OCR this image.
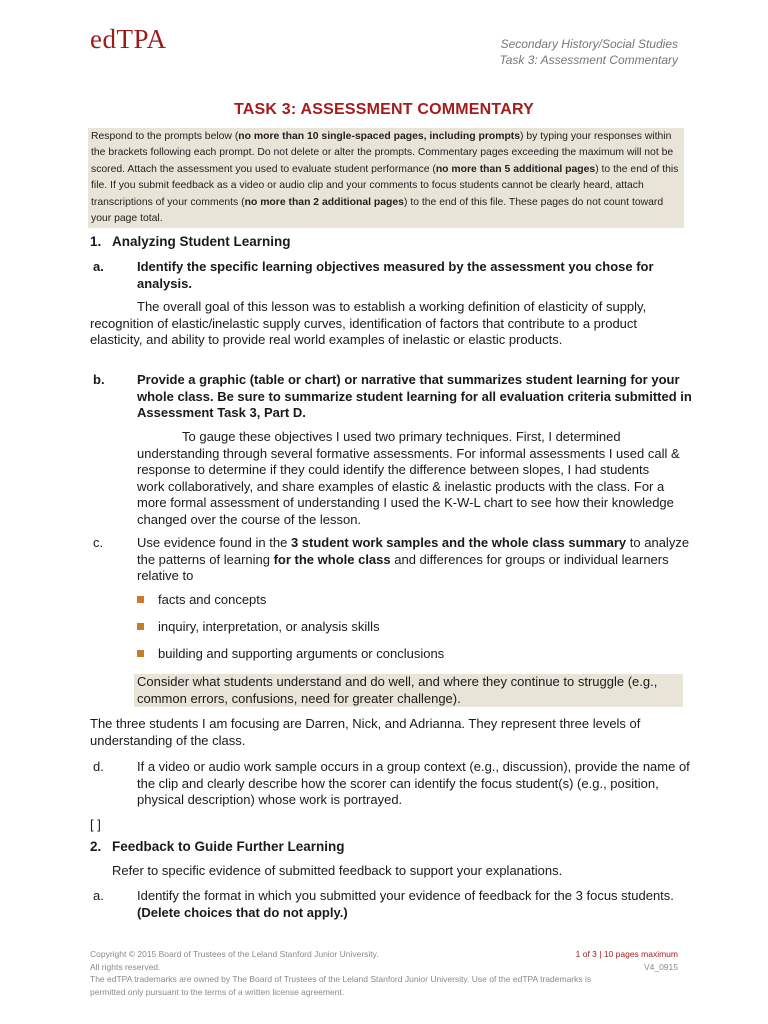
edTPA	Secondary History/Social Studies
Task 3: Assessment Commentary
TASK 3: ASSESSMENT COMMENTARY
Respond to the prompts below (no more than 10 single-spaced pages, including prompts) by typing your responses within the brackets following each prompt. Do not delete or alter the prompts. Commentary pages exceeding the maximum will not be scored. Attach the assessment you used to evaluate student performance (no more than 5 additional pages) to the end of this file. If you submit feedback as a video or audio clip and your comments to focus students cannot be clearly heard, attach transcriptions of your comments (no more than 2 additional pages) to the end of this file. These pages do not count toward your page total.
1. Analyzing Student Learning
a.	Identify the specific learning objectives measured by the assessment you chose for analysis.
The overall goal of this lesson was to establish a working definition of elasticity of supply, recognition of elastic/inelastic supply curves, identification of factors that contribute to a product elasticity, and ability to provide real world examples of inelastic or elastic products.
b. Provide a graphic (table or chart) or narrative that summarizes student learning for your whole class. Be sure to summarize student learning for all evaluation criteria submitted in Assessment Task 3, Part D.
To gauge these objectives I used two primary techniques. First, I determined understanding through several formative assessments. For informal assessments I used call & response to determine if they could identify the difference between slopes, I had students work collaboratively, and share examples of elastic & inelastic products with the class. For a more formal assessment of understanding I used the K-W-L chart to see how their knowledge changed over the course of the lesson.
c.	Use evidence found in the 3 student work samples and the whole class summary to analyze the patterns of learning for the whole class and differences for groups or individual learners relative to
facts and concepts
inquiry, interpretation, or analysis skills
building and supporting arguments or conclusions
Consider what students understand and do well, and where they continue to struggle (e.g., common errors, confusions, need for greater challenge).
The three students I am focusing are Darren, Nick, and Adrianna. They represent three levels of understanding of the class.
d.	If a video or audio work sample occurs in a group context (e.g., discussion), provide the name of the clip and clearly describe how the scorer can identify the focus student(s) (e.g., position, physical description) whose work is portrayed.
[ ]
2. Feedback to Guide Further Learning
Refer to specific evidence of submitted feedback to support your explanations.
a.	Identify the format in which you submitted your evidence of feedback for the 3 focus students. (Delete choices that do not apply.)
Copyright © 2015 Board of Trustees of the Leland Stanford Junior University.
All rights reserved.
The edTPA trademarks are owned by The Board of Trustees of the Leland Stanford Junior University. Use of the edTPA trademarks is permitted only pursuant to the terms of a written license agreement.
1 of 3 | 10 pages maximum
V4_0915
